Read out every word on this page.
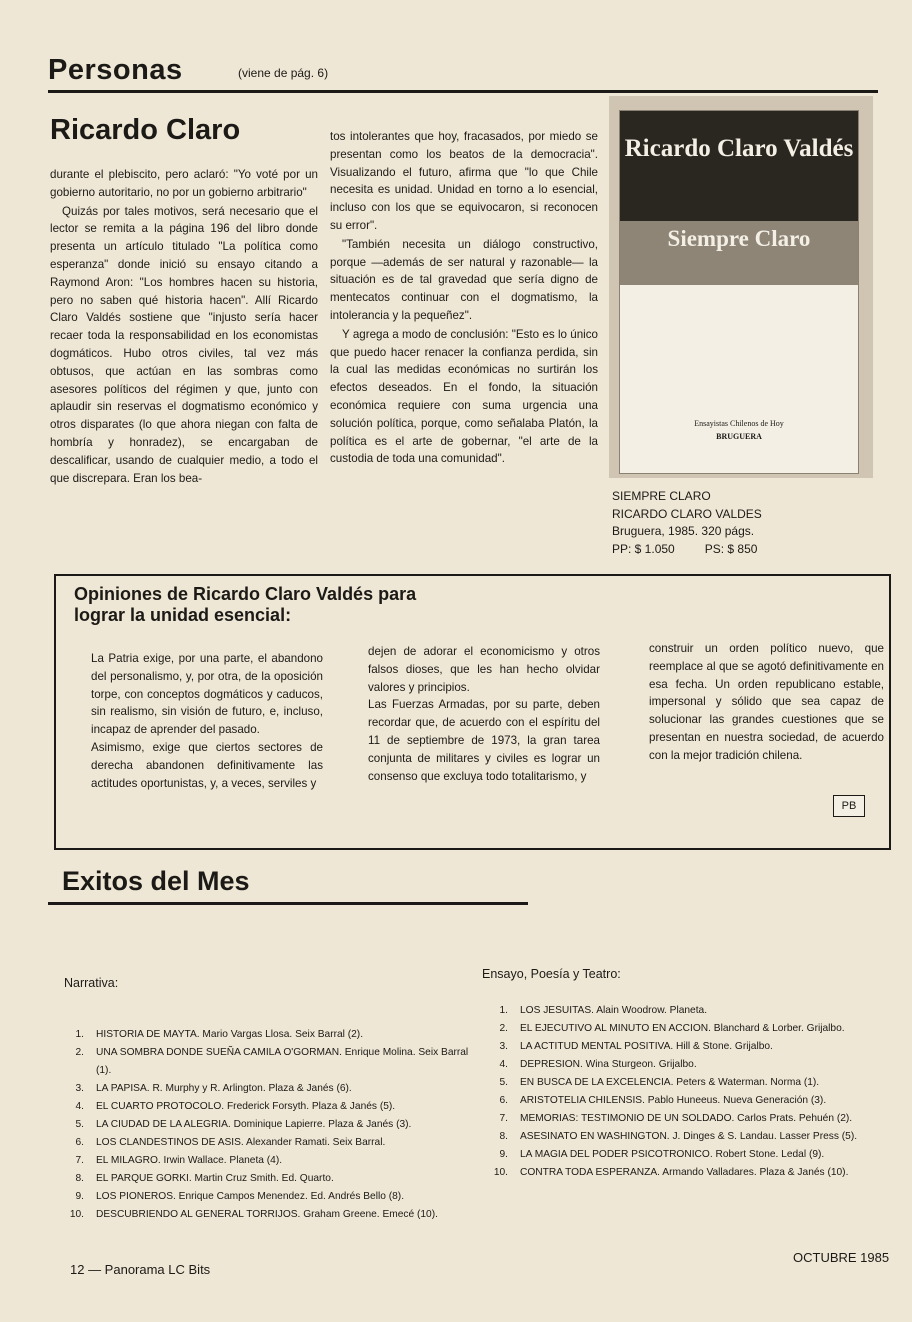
Personas	(viene de pág. 6)
Ricardo Claro

durante el plebiscito, pero aclaró: "Yo voté por un gobierno autoritario, no por un gobierno arbitrario"

Quizás por tales motivos, será necesario que el lector se remita a la página 196 del libro donde presenta un artículo titulado "La política como esperanza" donde inició su ensayo citando a Raymond Aron: "Los hombres hacen su historia, pero no saben qué historia hacen". Allí Ricardo Claro Valdés sostiene que "injusto sería hacer recaer toda la responsabilidad en los economistas dogmáticos. Hubo otros civiles, tal vez más obtusos, que actúan en las sombras como asesores políticos del régimen y que, junto con aplaudir sin reservas el dogmatismo económico y otros disparates (lo que ahora niegan con falta de hombría y honradez), se encargaban de descalificar, usando de cualquier medio, a todo el que discrepara. Eran los bea-

tos intolerantes que hoy, fracasados, por miedo se presentan como los beatos de la democracia". Visualizando el futuro, afirma que "lo que Chile necesita es unidad. Unidad en torno a lo esencial, incluso con los que se equivocaron, si reconocen su error".

"También necesita un diálogo constructivo, porque —además de ser natural y razonable— la situación es de tal gravedad que sería digno de mentecatos continuar con el dogmatismo, la intolerancia y la pequeñez".

Y agrega a modo de conclusión: "Esto es lo único que puedo hacer renacer la confianza perdida, sin la cual las medidas económicas no surtirán los efectos deseados. En el fondo, la situación económica requiere con suma urgencia una solución política, porque, como señalaba Platón, la política es el arte de gobernar, "el arte de la custodia de toda una comunidad".

Ricardo Claro Valdés
Siempre Claro
Ensayistas Chilenos de Hoy
BRUGUERA
SIEMPRE CLARO
RICARDO CLARO VALDES
Bruguera, 1985. 320 págs.
PP: $ 1.050	PS: $ 850
Opiniones de Ricardo Claro Valdés para
lograr la unidad esencial:

La Patria exige, por una parte, el abandono del personalismo, y, por otra, de la oposición torpe, con conceptos dogmáticos y caducos, sin realismo, sin visión de futuro, e, incluso, incapaz de aprender del pasado.

Asimismo, exige que ciertos sectores de derecha abandonen definitivamente las actitudes oportunistas, y, a veces, serviles y

dejen de adorar el economicismo y otros falsos dioses, que les han hecho olvidar valores y principios.

Las Fuerzas Armadas, por su parte, deben recordar que, de acuerdo con el espíritu del 11 de septiembre de 1973, la gran tarea conjunta de militares y civiles es lograr un consenso que excluya todo totalitarismo, y

construir un orden político nuevo, que reemplace al que se agotó definitivamente en esa fecha. Un orden republicano estable, impersonal y sólido que sea capaz de solucionar las grandes cuestiones que se presentan en nuestra sociedad, de acuerdo con la mejor tradición chilena.

PB
Exitos del Mes
Narrativa:
Ensayo, Poesía y Teatro:
1. HISTORIA DE MAYTA. Mario Vargas Llosa. Seix Barral (2).
2. UNA SOMBRA DONDE SUEÑA CAMILA O'GORMAN. Enrique Molina. Seix Barral (1).
3. LA PAPISA. R. Murphy y R. Arlington. Plaza & Janés (6).
4. EL CUARTO PROTOCOLO. Frederick Forsyth. Plaza & Janés (5).
5. LA CIUDAD DE LA ALEGRIA. Dominique Lapierre. Plaza & Janés (3).
6. LOS CLANDESTINOS DE ASIS. Alexander Ramati. Seix Barral.
7. EL MILAGRO. Irwin Wallace. Planeta (4).
8. EL PARQUE GORKI. Martin Cruz Smith. Ed. Quarto.
9. LOS PIONEROS. Enrique Campos Menendez. Ed. Andrés Bello (8).
10. DESCUBRIENDO AL GENERAL TORRIJOS. Graham Greene. Emecé (10).
1. LOS JESUITAS. Alain Woodrow. Planeta.
2. EL EJECUTIVO AL MINUTO EN ACCION. Blanchard & Lorber. Grijalbo.
3. LA ACTITUD MENTAL POSITIVA. Hill & Stone. Grijalbo.
4. DEPRESION. Wina Sturgeon. Grijalbo.
5. EN BUSCA DE LA EXCELENCIA. Peters & Waterman. Norma (1).
6. ARISTOTELIA CHILENSIS. Pablo Huneeus. Nueva Generación (3).
7. MEMORIAS: TESTIMONIO DE UN SOLDADO. Carlos Prats. Pehuén (2).
8. ASESINATO EN WASHINGTON. J. Dinges & S. Landau. Lasser Press (5).
9. LA MAGIA DEL PODER PSICOTRONICO. Robert Stone. Ledal (9).
10. CONTRA TODA ESPERANZA. Armando Valladares. Plaza & Janés (10).
12 — Panorama LC Bits
OCTUBRE 1985
